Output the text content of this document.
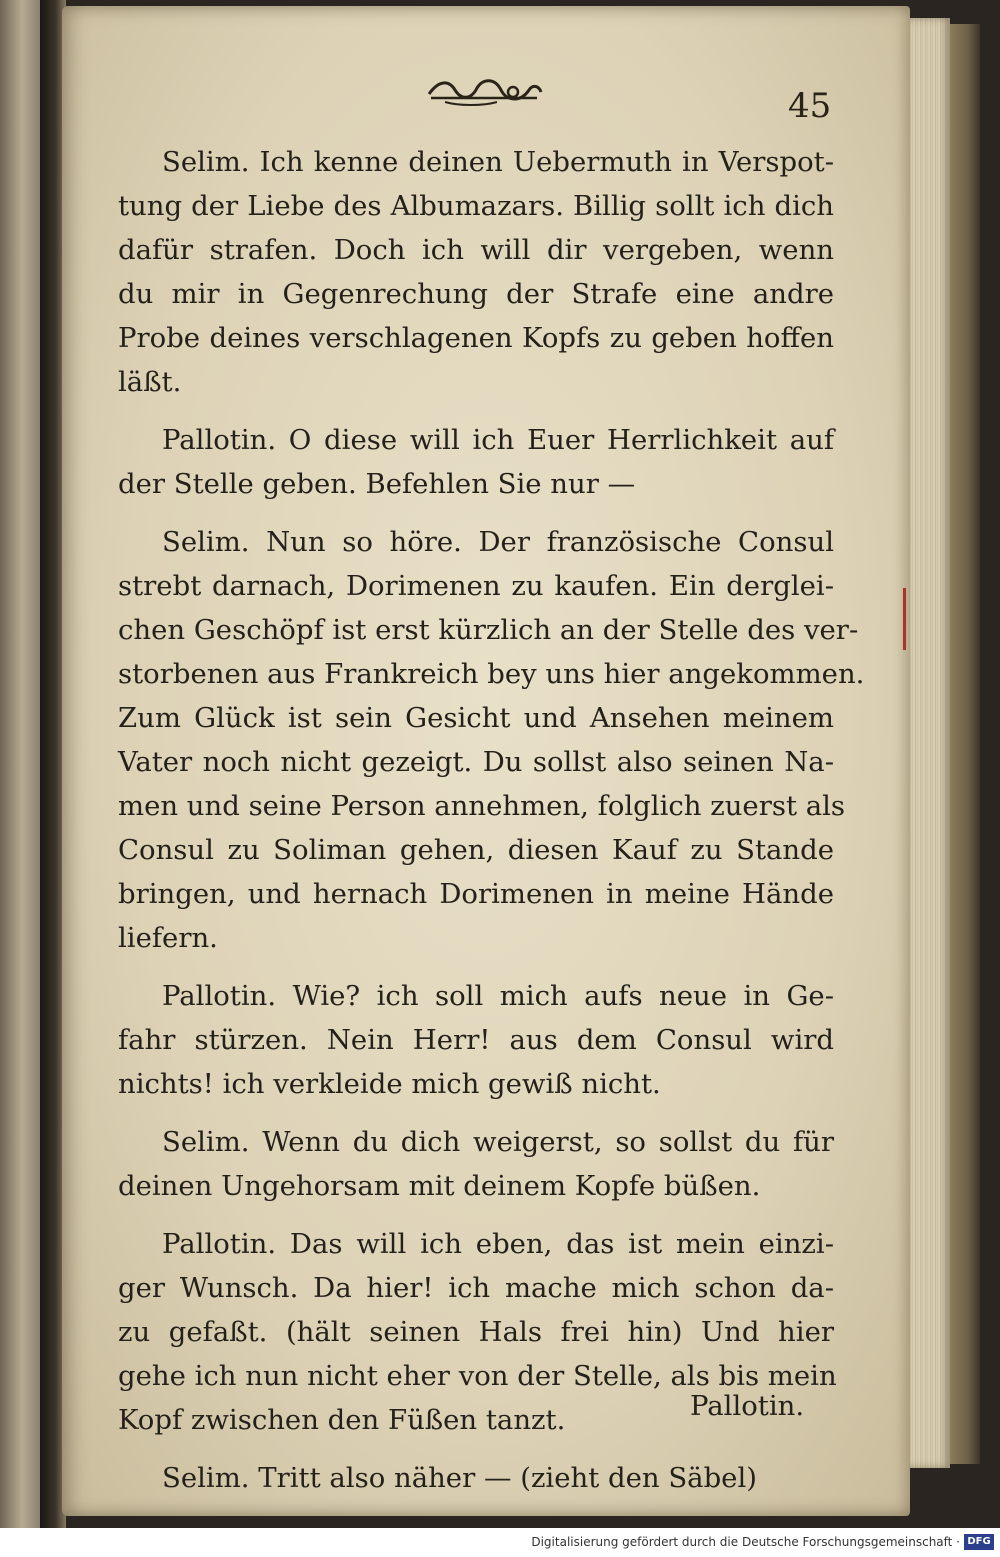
45
Selim. Ich kenne deinen Uebermuth in Verspot-
tung der Liebe des Albumazars. Billig sollt ich dich
dafür strafen. Doch ich will dir vergeben, wenn
du mir in Gegenrechung der Strafe eine andre
Probe deines verschlagenen Kopfs zu geben hoffen
läßt.
Pallotin. O diese will ich Euer Herrlichkeit auf
der Stelle geben. Befehlen Sie nur —
Selim. Nun so höre. Der französische Consul
strebt darnach, Dorimenen zu kaufen. Ein derglei-
chen Geschöpf ist erst kürzlich an der Stelle des ver-
storbenen aus Frankreich bey uns hier angekommen.
Zum Glück ist sein Gesicht und Ansehen meinem
Vater noch nicht gezeigt. Du sollst also seinen Na-
men und seine Person annehmen, folglich zuerst als
Consul zu Soliman gehen, diesen Kauf zu Stande
bringen, und hernach Dorimenen in meine Hände
liefern.
Pallotin. Wie? ich soll mich aufs neue in Ge-
fahr stürzen. Nein Herr! aus dem Consul wird
nichts! ich verkleide mich gewiß nicht.
Selim. Wenn du dich weigerst, so sollst du für
deinen Ungehorsam mit deinem Kopfe büßen.
Pallotin. Das will ich eben, das ist mein einzi-
ger Wunsch. Da hier! ich mache mich schon da-
zu gefaßt. (hält seinen Hals frei hin) Und hier
gehe ich nun nicht eher von der Stelle, als bis mein
Kopf zwischen den Füßen tanzt.
Selim. Tritt also näher — (zieht den Säbel)
Pallotin.
Digitalisierung gefördert durch die Deutsche Forschungsgemeinschaft · DFG
